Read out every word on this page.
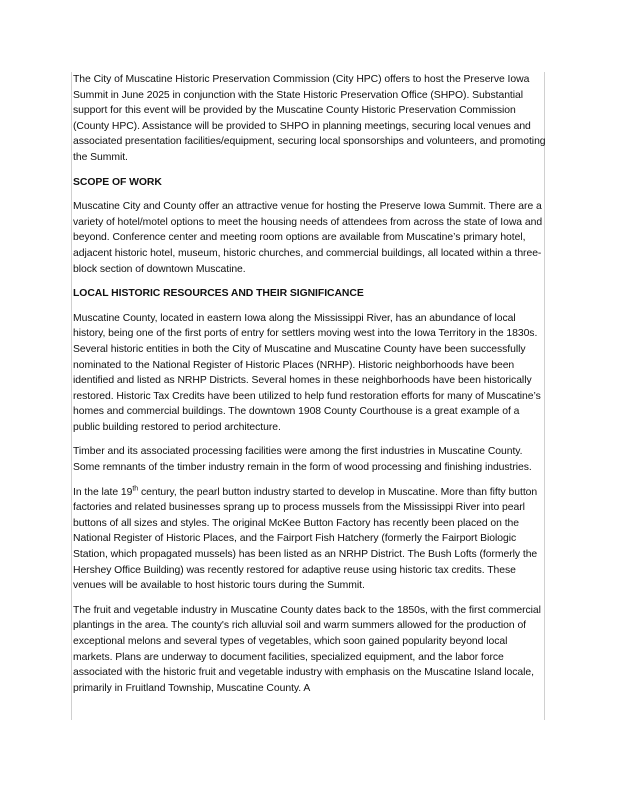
The City of Muscatine Historic Preservation Commission (City HPC) offers to host the Preserve Iowa Summit in June 2025 in conjunction with the State Historic Preservation Office (SHPO). Substantial support for this event will be provided by the Muscatine County Historic Preservation Commission (County HPC). Assistance will be provided to SHPO in planning meetings, securing local venues and associated presentation facilities/equipment, securing local sponsorships and volunteers, and promoting the Summit.

SCOPE OF WORK

Muscatine City and County offer an attractive venue for hosting the Preserve Iowa Summit. There are a variety of hotel/motel options to meet the housing needs of attendees from across the state of Iowa and beyond. Conference center and meeting room options are available from Muscatine’s primary hotel, adjacent historic hotel, museum, historic churches, and commercial buildings, all located within a three-block section of downtown Muscatine.

LOCAL HISTORIC RESOURCES AND THEIR SIGNIFICANCE

Muscatine County, located in eastern Iowa along the Mississippi River, has an abundance of local history, being one of the first ports of entry for settlers moving west into the Iowa Territory in the 1830s. Several historic entities in both the City of Muscatine and Muscatine County have been successfully nominated to the National Register of Historic Places (NRHP). Historic neighborhoods have been identified and listed as NRHP Districts. Several homes in these neighborhoods have been historically restored. Historic Tax Credits have been utilized to help fund restoration efforts for many of Muscatine’s homes and commercial buildings. The downtown 1908 County Courthouse is a great example of a public building restored to period architecture.

Timber and its associated processing facilities were among the first industries in Muscatine County. Some remnants of the timber industry remain in the form of wood processing and finishing industries.

In the late 19th century, the pearl button industry started to develop in Muscatine. More than fifty button factories and related businesses sprang up to process mussels from the Mississippi River into pearl buttons of all sizes and styles. The original McKee Button Factory has recently been placed on the National Register of Historic Places, and the Fairport Fish Hatchery (formerly the Fairport Biologic Station, which propagated mussels) has been listed as an NRHP District. The Bush Lofts (formerly the Hershey Office Building) was recently restored for adaptive reuse using historic tax credits. These venues will be available to host historic tours during the Summit.

The fruit and vegetable industry in Muscatine County dates back to the 1850s, with the first commercial plantings in the area. The county's rich alluvial soil and warm summers allowed for the production of exceptional melons and several types of vegetables, which soon gained popularity beyond local markets. Plans are underway to document facilities, specialized equipment, and the labor force associated with the historic fruit and vegetable industry with emphasis on the Muscatine Island locale, primarily in Fruitland Township, Muscatine County. A
